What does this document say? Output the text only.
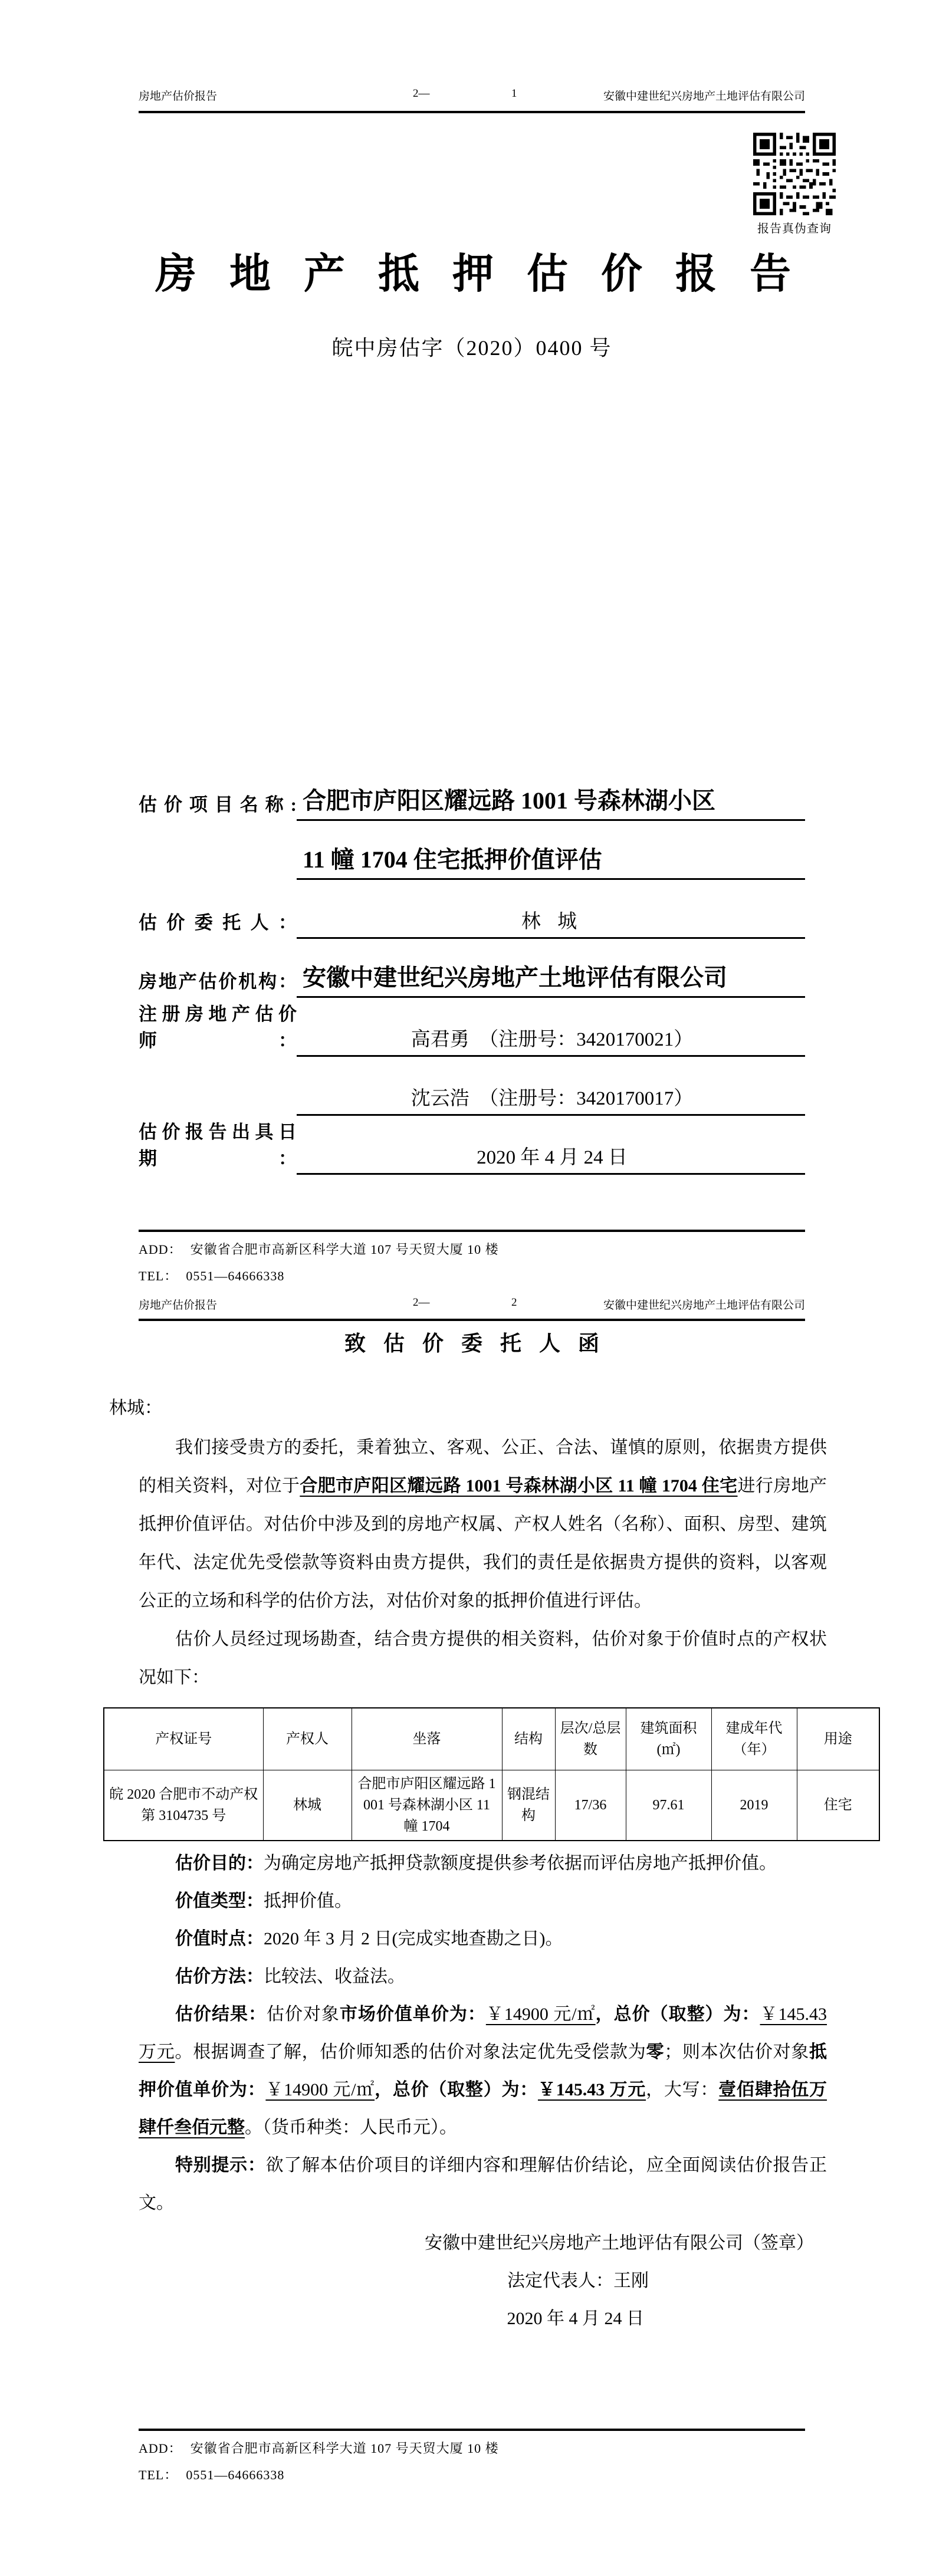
房地产估价报告	2—	1	安徽中建世纪兴房地产土地评估有限公司
报告真伪查询
房地产抵押估价报告
皖中房估字（2020）0400 号
估价项目名称: 合肥市庐阳区耀远路 1001 号森林湖小区
11 幢 1704 住宅抵押价值评估
估价委托人：	林 城
房地产估价机构： 安徽中建世纪兴房地产土地评估有限公司
注册房地产估价师：	高君勇　（注册号：3420170021）
沈云浩　（注册号：3420170017）
估价报告出具日期：	2020 年 4 月 24 日
ADD： 安徽省合肥市高新区科学大道 107 号天贸大厦 10 楼
TEL： 0551—64666338
房地产估价报告	2—	2	安徽中建世纪兴房地产土地评估有限公司
致估价委托人函
林城：

我们接受贵方的委托，秉着独立、客观、公正、合法、谨慎的原则，依据贵方提供的相关资料，对位于合肥市庐阳区耀远路 1001 号森林湖小区 11 幢 1704 住宅进行房地产抵押价值评估。对估价中涉及到的房地产权属、产权人姓名（名称）、面积、房型、建筑年代、法定优先受偿款等资料由贵方提供，我们的责任是依据贵方提供的资料，以客观公正的立场和科学的估价方法，对估价对象的抵押价值进行评估。

估价人员经过现场勘查，结合贵方提供的相关资料，估价对象于价值时点的产权状况如下：

产权证号	产权人	坐落	结构	层次/总层数	建筑面积(㎡)	建成年代（年）	用途
皖 2020 合肥市不动产权第 3104735 号	林城	合肥市庐阳区耀远路 1001 号森林湖小区 11 幢 1704	钢混结构	17/36	97.61	2019	住宅

估价目的：为确定房地产抵押贷款额度提供参考依据而评估房地产抵押价值。

价值类型：抵押价值。

价值时点：2020 年 3 月 2 日(完成实地查勘之日)。

估价方法：比较法、收益法。

估价结果：估价对象市场价值单价为：￥14900 元/㎡，总价（取整）为：￥145.43 万元。根据调查了解，估价师知悉的估价对象法定优先受偿款为零；则本次估价对象抵押价值单价为：￥14900 元/㎡，总价（取整）为：￥145.43 万元，大写：壹佰肆拾伍万肆仟叁佰元整。（货币种类：人民币元）。

特别提示：欲了解本估价项目的详细内容和理解估价结论，应全面阅读估价报告正文。

安徽中建世纪兴房地产土地评估有限公司（签章）
法定代表人：王刚
2020 年 4 月 24 日
ADD： 安徽省合肥市高新区科学大道 107 号天贸大厦 10 楼
TEL： 0551—64666338
